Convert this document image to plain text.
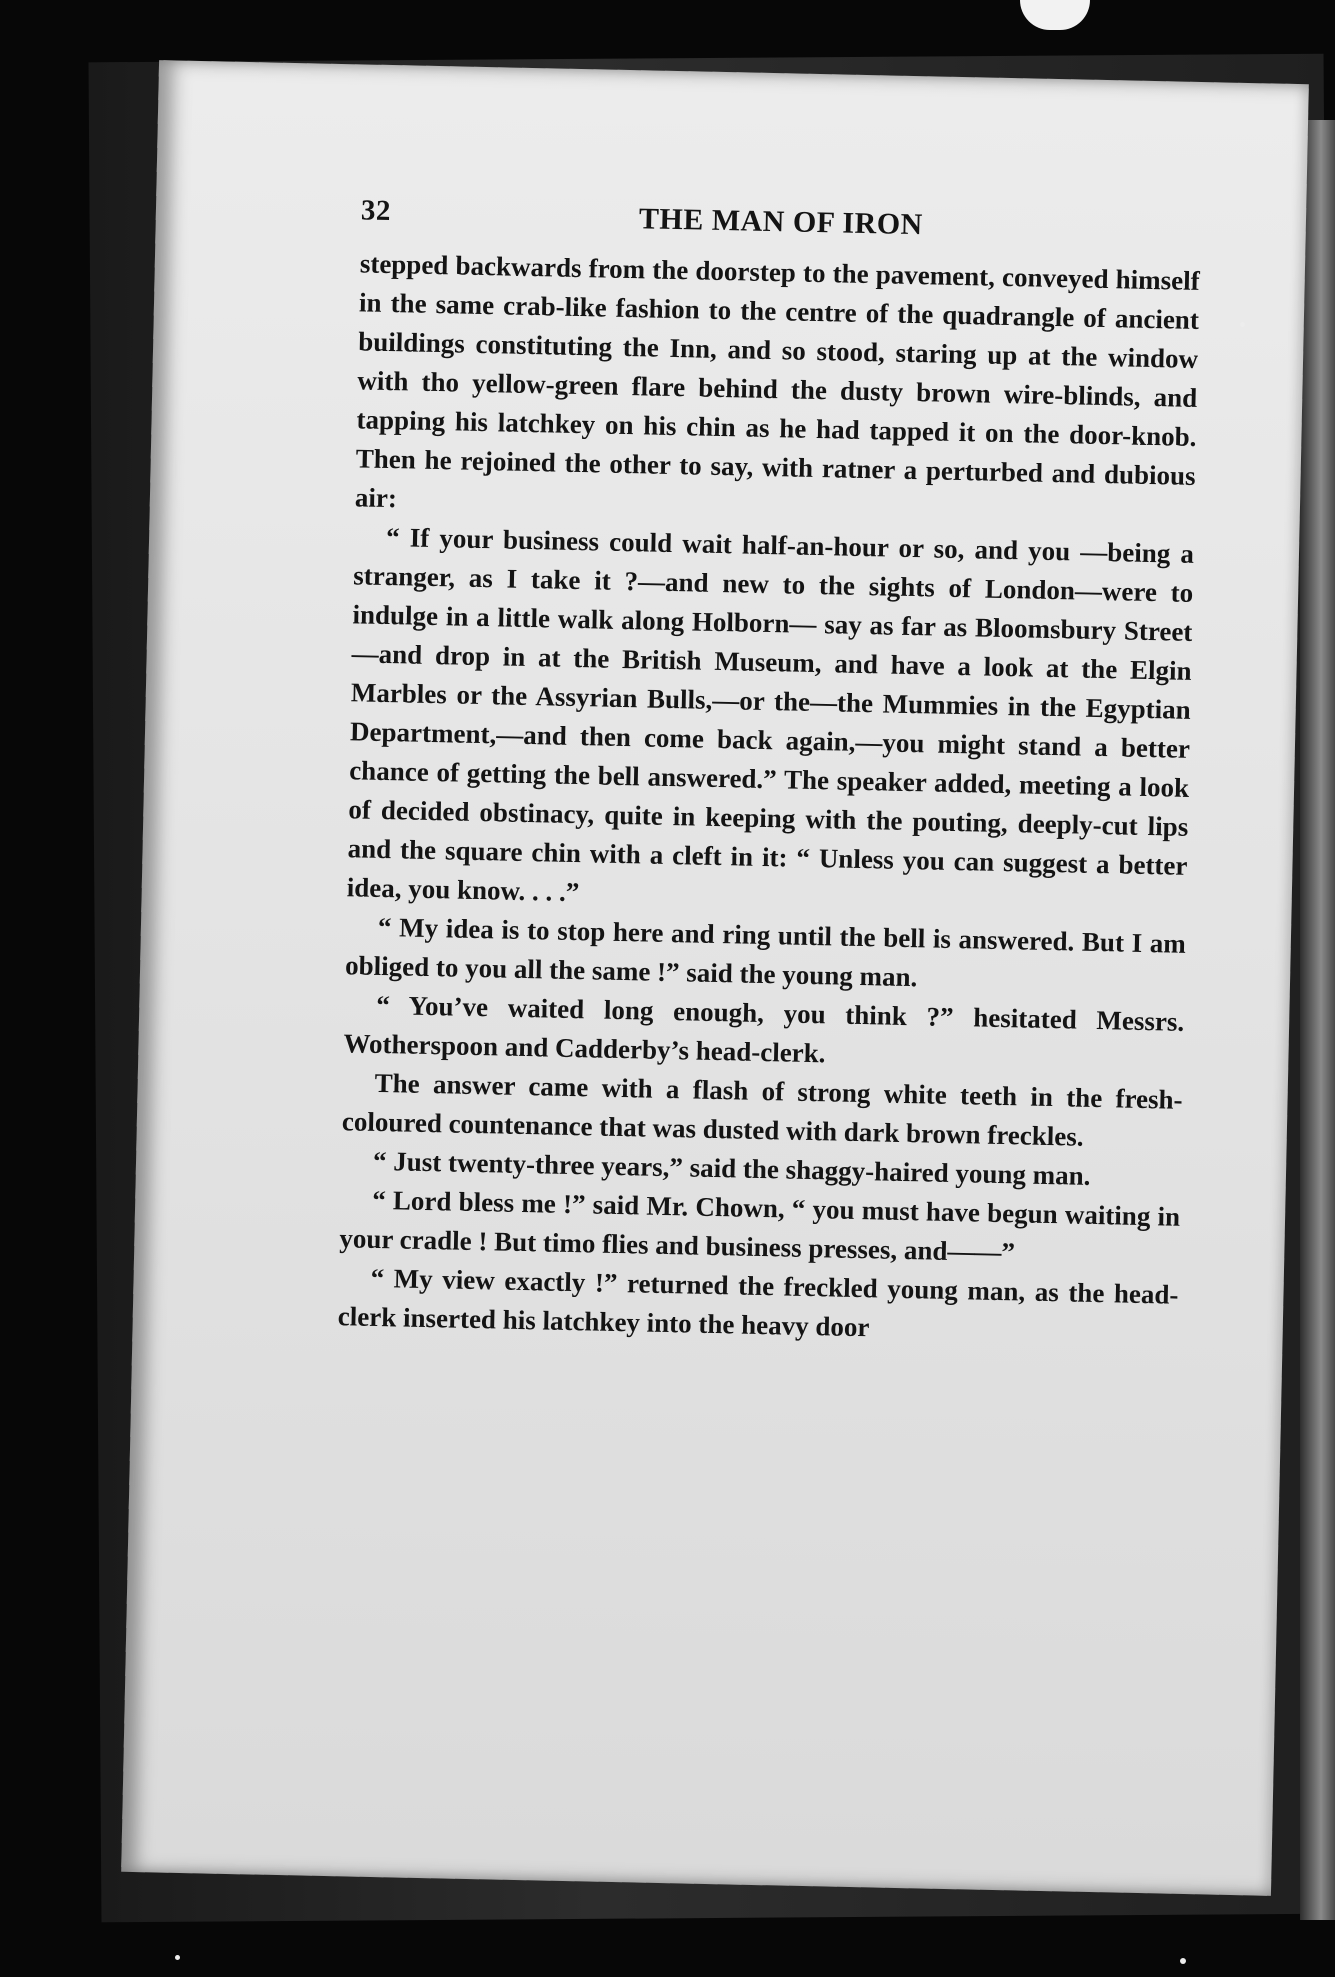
32	THE MAN OF IRON

stepped backwards from the doorstep to the pavement, conveyed himself in the same crab-like fashion to the centre of the quadrangle of ancient buildings constituting the Inn, and so stood, staring up at the window with tho yellow-green flare behind the dusty brown wire-blinds, and tapping his latchkey on his chin as he had tapped it on the door-knob. Then he rejoined the other to say, with ratner a perturbed and dubious air:

“ If your business could wait half-an-hour or so, and you —being a stranger, as I take it ?—and new to the sights of London—were to indulge in a little walk along Holborn— say as far as Bloomsbury Street—and drop in at the British Museum, and have a look at the Elgin Marbles or the Assyrian Bulls,—or the—the Mummies in the Egyptian Department,—and then come back again,—you might stand a better chance of getting the bell answered.” The speaker added, meeting a look of decided obstinacy, quite in keeping with the pouting, deeply-cut lips and the square chin with a cleft in it: “ Unless you can suggest a better idea, you know. . . .”

“ My idea is to stop here and ring until the bell is answered. But I am obliged to you all the same !” said the young man.

“ You’ve waited long enough, you think ?” hesitated Messrs. Wotherspoon and Cadderby’s head-clerk.

The answer came with a flash of strong white teeth in the fresh-coloured countenance that was dusted with dark brown freckles.

“ Just twenty-three years,” said the shaggy-haired young man.

“ Lord bless me !” said Mr. Chown, “ you must have begun waiting in your cradle ! But timo flies and business presses, and——”

“ My view exactly !” returned the freckled young man, as the head-clerk inserted his latchkey into the heavy door
